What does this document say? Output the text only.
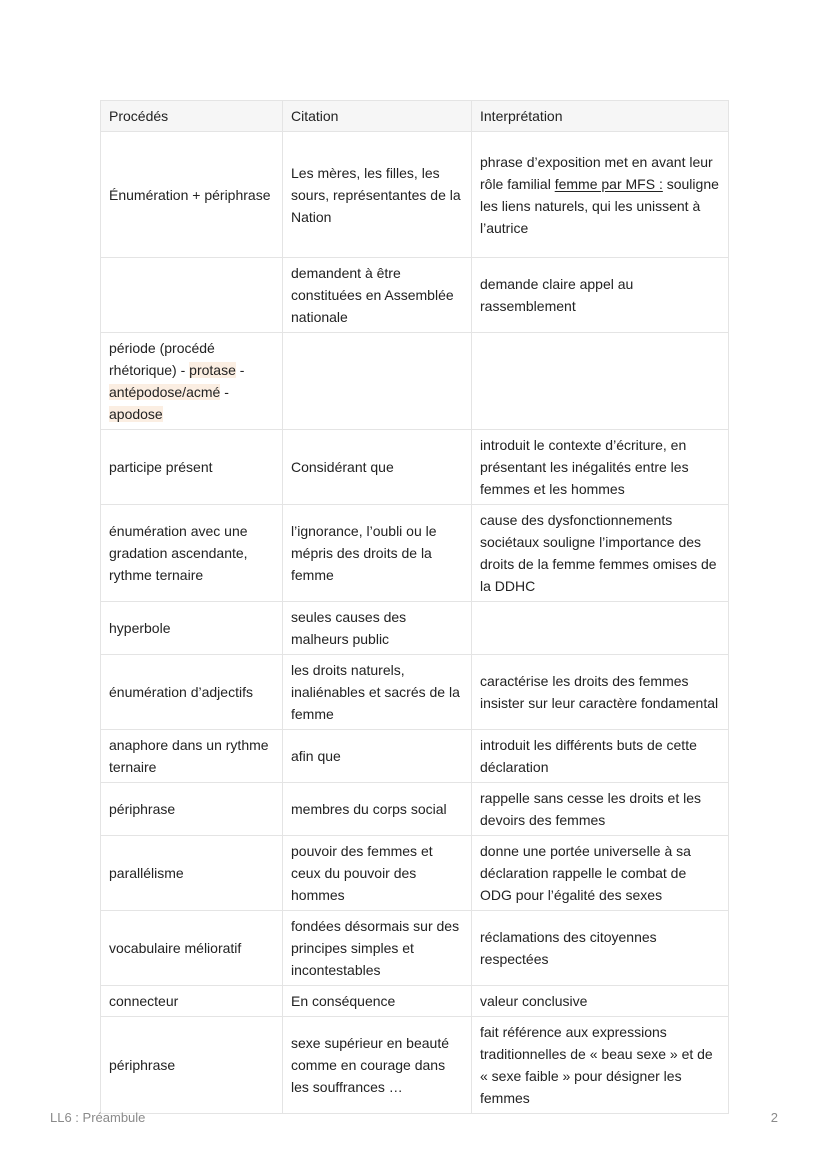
Procédés	Citation	Interprétation
Énumération + périphrase	Les mères, les filles, les sours, représentantes de la Nation	phrase d’exposition met en avant leur rôle familial femme par MFS : souligne les liens naturels, qui les unissent à l’autrice
	demandent à être constituées en Assemblée nationale	demande claire appel au rassemblement
période (procédé rhétorique) - protase - antépodose/acmé - apodose		
participe présent	Considérant que	introduit le contexte d’écriture, en présentant les inégalités entre les femmes et les hommes
énumération avec une gradation ascendante, rythme ternaire	l’ignorance, l’oubli ou le mépris des droits de la femme	cause des dysfonctionnements sociétaux souligne l’importance des droits de la femme femmes omises de la DDHC
hyperbole	seules causes des malheurs public	
énumération d’adjectifs	les droits naturels, inaliénables et sacrés de la femme	caractérise les droits des femmes insister sur leur caractère fondamental
anaphore dans un rythme ternaire	afin que	introduit les différents buts de cette déclaration
périphrase	membres du corps social	rappelle sans cesse les droits et les devoirs des femmes
parallélisme	pouvoir des femmes et ceux du pouvoir des hommes	donne une portée universelle à sa déclaration rappelle le combat de ODG pour l’égalité des sexes
vocabulaire mélioratif	fondées désormais sur des principes simples et incontestables	réclamations des citoyennes respectées
connecteur	En conséquence	valeur conclusive
périphrase	sexe supérieur en beauté comme en courage dans les souffrances …	fait référence aux expressions traditionnelles de « beau sexe » et de « sexe faible » pour désigner les femmes
LL6 : Préambule	2
